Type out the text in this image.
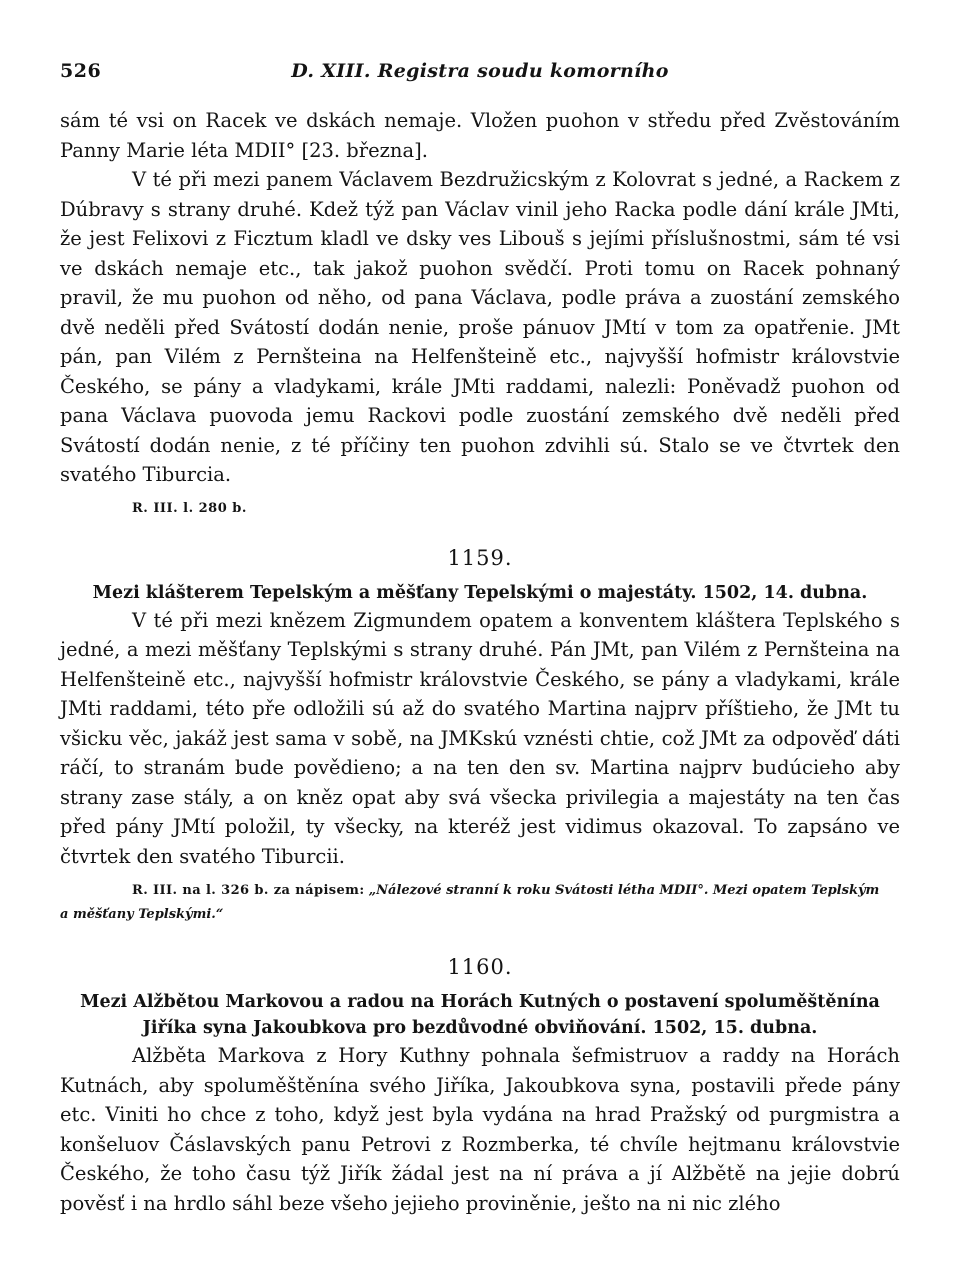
526	D. XIII. Registra soudu komorního

sám té vsi on Racek ve dskách nemaje. Vložen puohon v středu před Zvěstováním Panny Marie léta MDII° [23. března].

V té při mezi panem Václavem Bezdružicským z Kolovrat s jedné, a Rackem z Dúbravy s strany druhé. Kdež týž pan Václav vinil jeho Racka podle dání krále JMti, že jest Felixovi z Ficztum kladl ve dsky ves Libouš s jejími příslušnostmi, sám té vsi ve dskách nemaje etc., tak jakož puohon svědčí. Proti tomu on Racek pohnaný pravil, že mu puohon od něho, od pana Václava, podle práva a zuostání zemského dvě neděli před Svátostí dodán nenie, proše pánuov JMtí v tom za opatřenie. JMt pán, pan Vilém z Pernšteina na Helfenšteině etc., najvyšší hofmistr královstvie Českého, se pány a vladykami, krále JMti raddami, nalezli: Poněvadž puohon od pana Václava puovoda jemu Rackovi podle zuostání zemského dvě neděli před Svátostí dodán nenie, z té příčiny ten puohon zdvihli sú. Stalo se ve čtvrtek den svatého Tiburcia.

R. III. l. 280 b.
1159.
Mezi klášterem Tepelským a měšťany Tepelskými o majestáty. 1502, 14. dubna.

V té při mezi knězem Zigmundem opatem a konventem kláštera Teplského s jedné, a mezi měšťany Teplskými s strany druhé. Pán JMt, pan Vilém z Pernšteina na Helfenšteině etc., najvyšší hofmistr královstvie Českého, se pány a vladykami, krále JMti raddami, této pře odložili sú až do svatého Martina najprv příštieho, že JMt tu všicku věc, jakáž jest sama v sobě, na JMKskú vznésti chtie, což JMt za odpověď dáti ráčí, to stranám bude povědieno; a na ten den sv. Martina najprv budúcieho aby strany zase stály, a on kněz opat aby svá všecka privilegia a majestáty na ten čas před pány JMtí položil, ty všecky, na kteréž jest vidimus okazoval. To zapsáno ve čtvrtek den svatého Tiburcii.

R. III. na l. 326 b. za nápisem: „Nálezové stranní k roku Svátosti létha MDII°. Mezi opatem Teplským
a měšťany Teplskými.“
1160.
Mezi Alžbětou Markovou a radou na Horách Kutných o postavení spoluměštěnína Jiříka syna Jakoubkova pro bezdůvodné obviňování. 1502, 15. dubna.

Alžběta Markova z Hory Kuthny pohnala šefmistruov a raddy na Horách Kutnách, aby spoluměštěnína svého Jiříka, Jakoubkova syna, postavili přede pány etc. Viniti ho chce z toho, když jest byla vydána na hrad Pražský od purgmistra a konšeluov Čáslavských panu Petrovi z Rozmberka, té chvíle hejtmanu královstvie Českého, že toho času týž Jiřík žádal jest na ní práva a jí Alžbětě na jejie dobrú pověsť i na hrdlo sáhl beze všeho jejieho proviněnie, ješto na ni nic zlého
